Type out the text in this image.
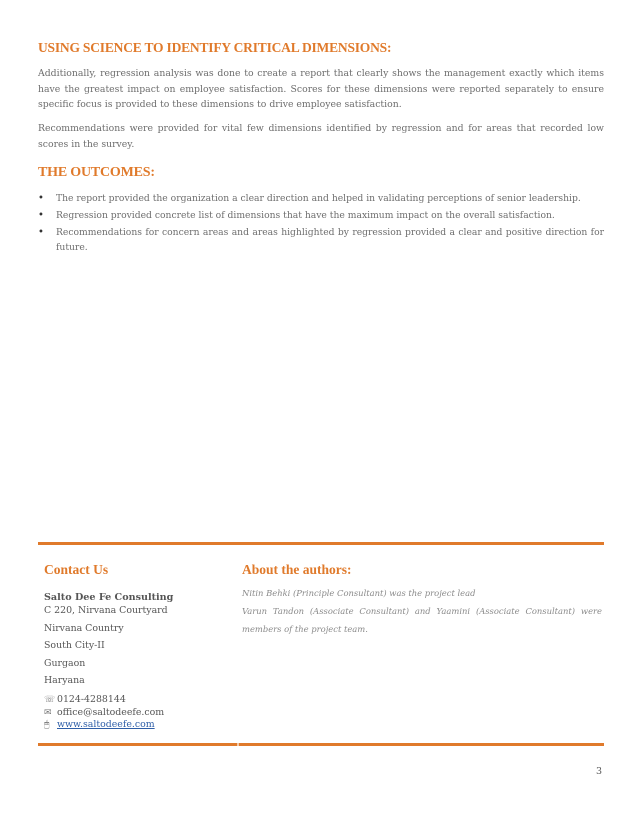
USING SCIENCE TO IDENTIFY CRITICAL DIMENSIONS:
Additionally, regression analysis was done to create a report that clearly shows the management exactly which items have the greatest impact on employee satisfaction. Scores for these dimensions were reported separately to ensure specific focus is provided to these dimensions to drive employee satisfaction.
Recommendations were provided for vital few dimensions identified by regression and for areas that recorded low scores in the survey.
THE OUTCOMES:
• The report provided the organization a clear direction and helped in validating perceptions of senior leadership.
• Regression provided concrete list of dimensions that have the maximum impact on the overall satisfaction.
• Recommendations for concern areas and areas highlighted by regression provided a clear and positive direction for future.
Contact Us
Salto Dee Fe Consulting
C 220, Nirvana Courtyard
Nirvana Country
South City-II
Gurgaon
Haryana
☏ 0124-4288144
✉ office@saltodeefe.com
🖱 www.saltodeefe.com
About the authors:
Nitin Behki (Principle Consultant) was the project lead
Varun Tandon (Associate Consultant) and Yaamini (Associate Consultant) were members of the project team.
3
